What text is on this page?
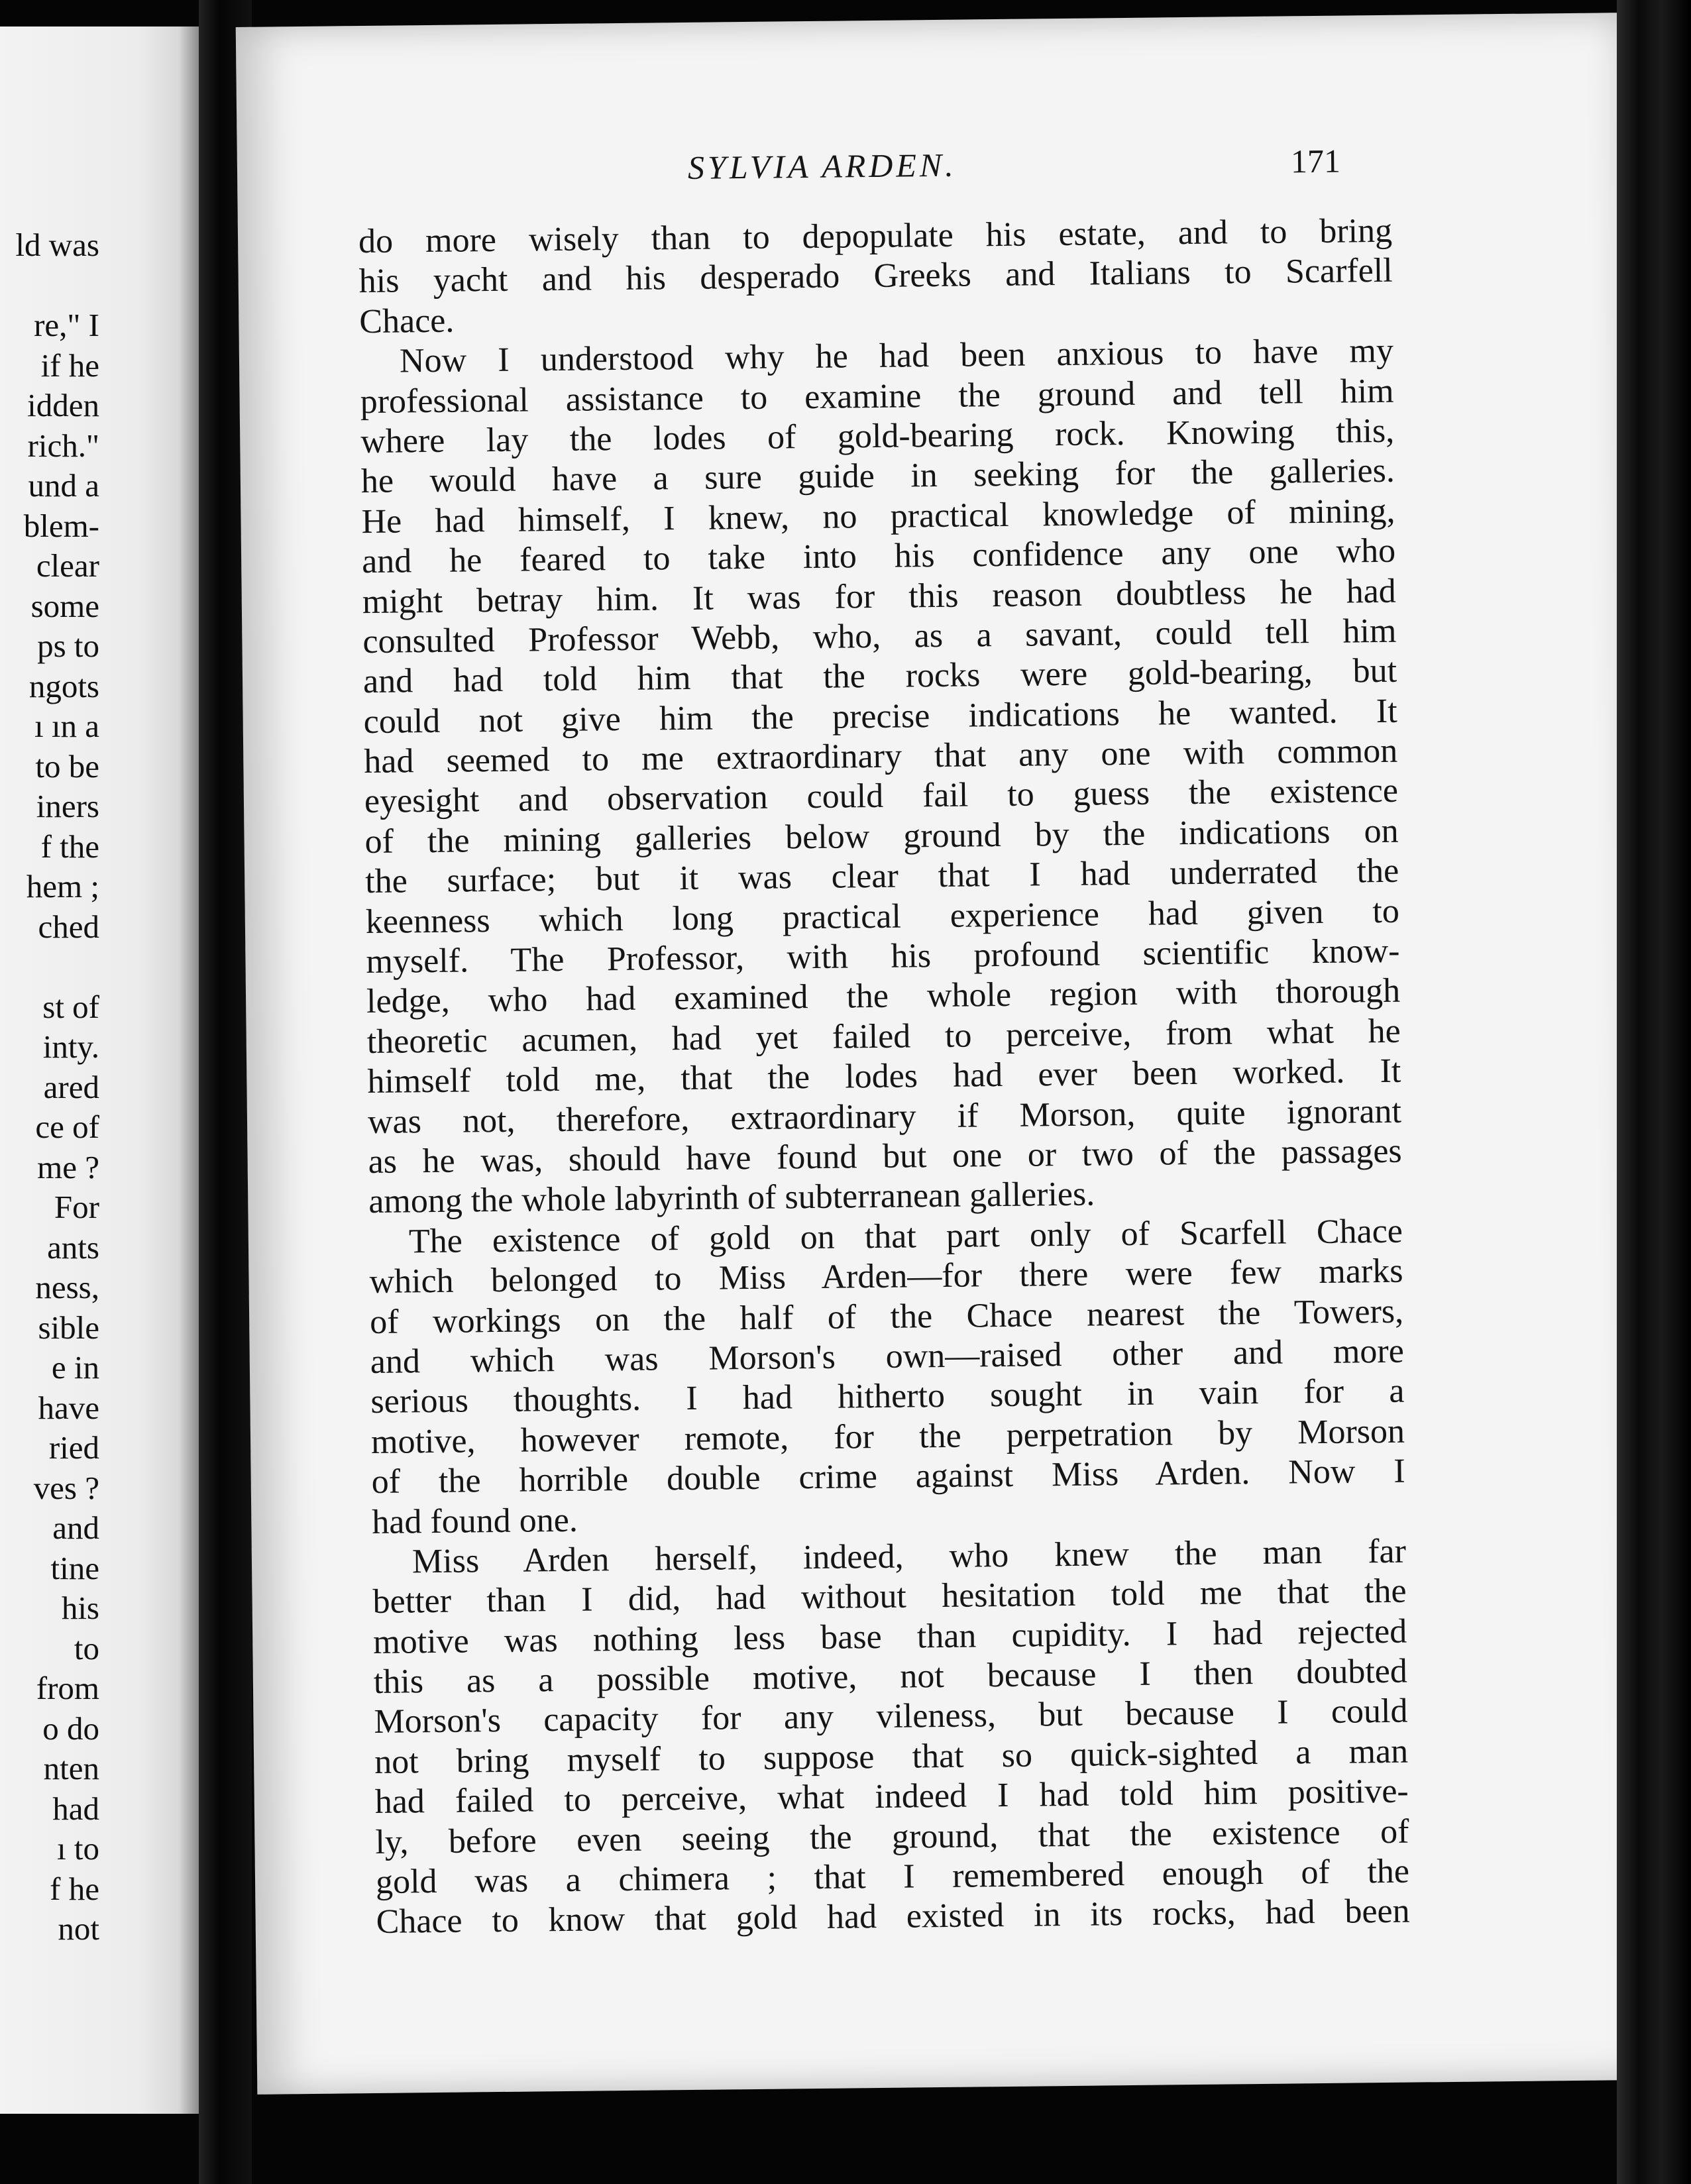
ld was
re," I
if he
idden
rich."
und a
blem-
clear
some
ps to
ngots
ı ın a
to be
iners
f the
hem ;
ched
st of
inty.
ared
ce of
me ?
For
ants
ness,
sible
e in
have
ried
ves ?
and
tine
his
to
from
o do
nten
had
ı to
f he
not
SYLVIA ARDEN.	171
do more wisely than to depopulate his estate, and to bring
his yacht and his desperado Greeks and Italians to Scarfell
Chace.
Now I understood why he had been anxious to have my
professional assistance to examine the ground and tell him
where lay the lodes of gold-bearing rock. Knowing this,
he would have a sure guide in seeking for the galleries.
He had himself, I knew, no practical knowledge of mining,
and he feared to take into his confidence any one who
might betray him. It was for this reason doubtless he had
consulted Professor Webb, who, as a savant, could tell him
and had told him that the rocks were gold-bearing, but
could not give him the precise indications he wanted. It
had seemed to me extraordinary that any one with common
eyesight and observation could fail to guess the existence
of the mining galleries below ground by the indications on
the surface; but it was clear that I had underrated the
keenness which long practical experience had given to
myself. The Professor, with his profound scientific know-
ledge, who had examined the whole region with thorough
theoretic acumen, had yet failed to perceive, from what he
himself told me, that the lodes had ever been worked. It
was not, therefore, extraordinary if Morson, quite ignorant
as he was, should have found but one or two of the passages
among the whole labyrinth of subterranean galleries.
The existence of gold on that part only of Scarfell Chace
which belonged to Miss Arden—for there were few marks
of workings on the half of the Chace nearest the Towers,
and which was Morson's own—raised other and more
serious thoughts. I had hitherto sought in vain for a
motive, however remote, for the perpetration by Morson
of the horrible double crime against Miss Arden. Now I
had found one.
Miss Arden herself, indeed, who knew the man far
better than I did, had without hesitation told me that the
motive was nothing less base than cupidity. I had rejected
this as a possible motive, not because I then doubted
Morson's capacity for any vileness, but because I could
not bring myself to suppose that so quick-sighted a man
had failed to perceive, what indeed I had told him positive-
ly, before even seeing the ground, that the existence of
gold was a chimera ; that I remembered enough of the
Chace to know that gold had existed in its rocks, had been
